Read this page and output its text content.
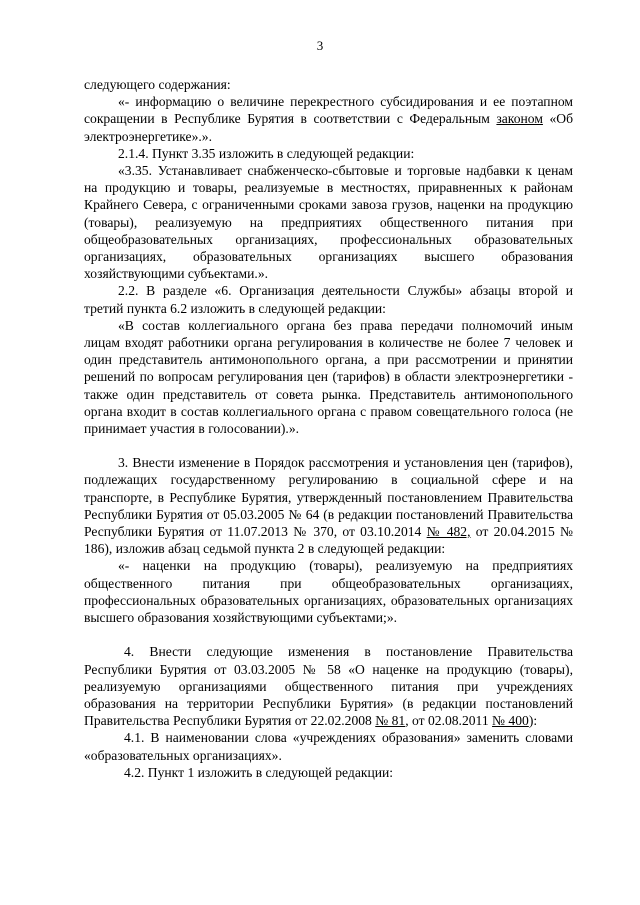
3

следующего содержания:

«- информацию о величине перекрестного субсидирования и ее поэтапном сокращении в Республике Бурятия в соответствии с Федеральным законом «Об электроэнергетике».».

2.1.4. Пункт 3.35 изложить в следующей редакции:

«3.35. Устанавливает снабженческо-сбытовые и торговые надбавки к ценам на продукцию и товары, реализуемые в местностях, приравненных к районам Крайнего Севера, с ограниченными сроками завоза грузов, наценки на продукцию (товары), реализуемую на предприятиях общественного питания при общеобразовательных организациях, профессиональных образовательных организациях, образовательных организациях высшего образования хозяйствующими субъектами.».

2.2. В разделе «6. Организация деятельности Службы» абзацы второй и третий пункта 6.2 изложить в следующей редакции:

«В состав коллегиального органа без права передачи полномочий иным лицам входят работники органа регулирования в количестве не более 7 человек и один представитель антимонопольного органа, а при рассмотрении и принятии решений по вопросам регулирования цен (тарифов) в области электроэнергетики - также один представитель от совета рынка. Представитель антимонопольного органа входит в состав коллегиального органа с правом совещательного голоса (не принимает участия в голосовании).».

3. Внести изменение в Порядок рассмотрения и установления цен (тарифов), подлежащих государственному регулированию в социальной сфере и на транспорте, в Республике Бурятия, утвержденный постановлением Правительства Республики Бурятия от 05.03.2005 № 64 (в редакции постановлений Правительства Республики Бурятия от 11.07.2013 № 370, от 03.10.2014 № 482, от 20.04.2015 № 186), изложив абзац седьмой пункта 2 в следующей редакции:

«- наценки на продукцию (товары), реализуемую на предприятиях общественного питания при общеобразовательных организациях, профессиональных образовательных организациях, образовательных организациях высшего образования хозяйствующими субъектами;».

4. Внести следующие изменения в постановление Правительства Республики Бурятия от 03.03.2005 № 58 «О наценке на продукцию (товары), реализуемую организациями общественного питания при учреждениях образования на территории Республики Бурятия» (в редакции постановлений Правительства Республики Бурятия от 22.02.2008 № 81, от 02.08.2011 № 400):

4.1. В наименовании слова «учреждениях образования» заменить словами «образовательных организациях».

4.2. Пункт 1 изложить в следующей редакции:
